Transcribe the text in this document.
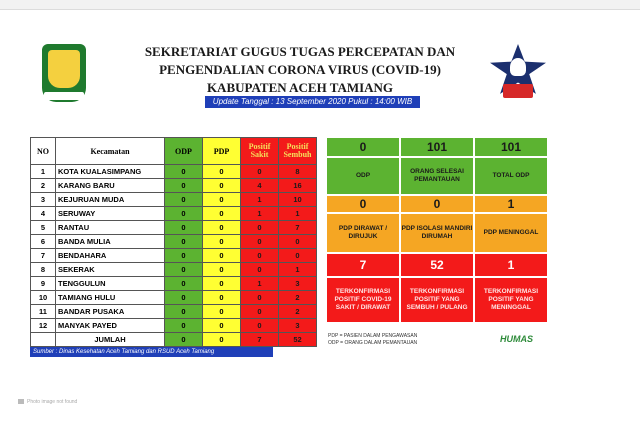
SEKRETARIAT GUGUS TUGAS PERCEPATAN DAN
PENGENDALIAN CORONA VIRUS (COVID-19)
KABUPATEN ACEH TAMIANG
Update Tanggal : 13 September 2020 Pukul : 14:00 WIB
NO	Kecamatan	ODP	PDP	Positif Sakit	Positif Sembuh
1	KOTA KUALASIMPANG	0	0	0	8
2	KARANG BARU	0	0	4	16
3	KEJURUAN MUDA	0	0	1	10
4	SERUWAY	0	0	1	1
5	RANTAU	0	0	0	7
6	BANDA MULIA	0	0	0	0
7	BENDAHARA	0	0	0	0
8	SEKERAK	0	0	0	1
9	TENGGULUN	0	0	1	3
10	TAMIANG HULU	0	0	0	2
11	BANDAR PUSAKA	0	0	0	2
12	MANYAK PAYED	0	0	0	3
	JUMLAH	0	0	7	52
Sumber : Dinas Kesehatan Aceh Tamiang dan RSUD Aceh Tamiang
0
ODP
101
ORANG SELESAI PEMANTAUAN
101
TOTAL ODP
0
PDP DIRAWAT / DIRUJUK
0
PDP ISOLASI MANDIRI DIRUMAH
1
PDP MENINGGAL
7
TERKONFIRMASI POSITIF COVID-19 SAKIT / DIRAWAT
52
TERKONFIRMASI POSITIF YANG SEMBUH / PULANG
1
TERKONFIRMASI POSITIF YANG MENINGGAL
PDP = PASIEN DALAM PENGAWASAN
ODP = ORANG DALAM PEMANTAUAN	HUMAS
Photo image not found
